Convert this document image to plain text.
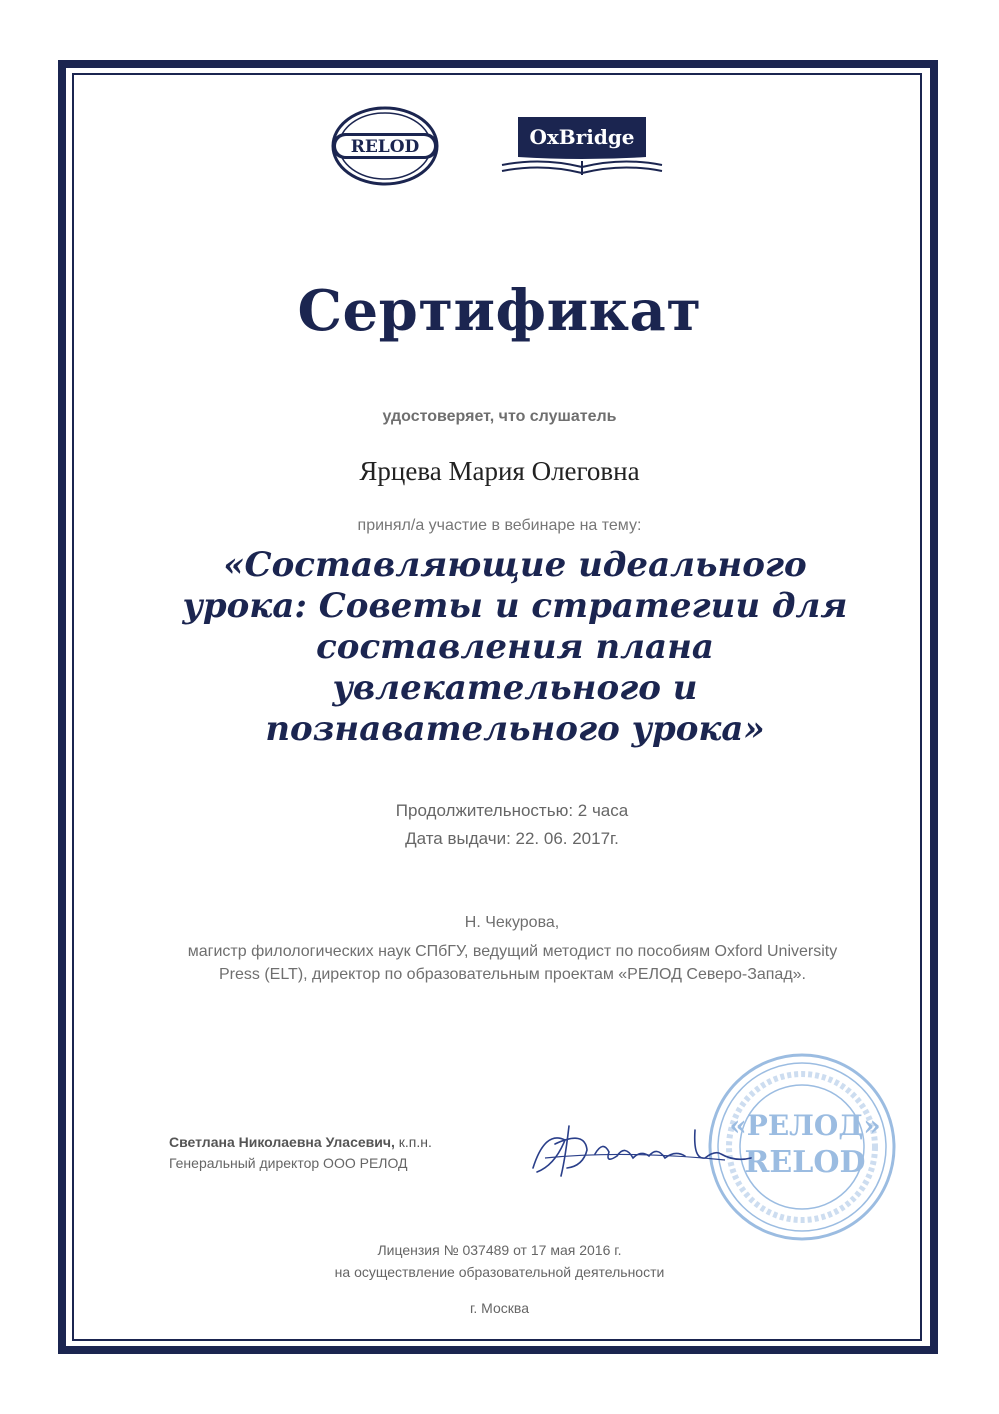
RELOD	OxBridge
Сертификат
удостоверяет, что слушатель
Ярцева Мария Олеговна
принял/а участие в вебинаре на тему:
«Составляющие идеального
урока: Советы и стратегии для
составления плана
увлекательного и
познавательного урока»
Продолжительностью: 2 часа
Дата выдачи: 22. 06. 2017г.
Н. Чекурова,
магистр филологических наук СПбГУ, ведущий методист по пособиям Oxford University Press (ELT), директор по образовательным проектам «РЕЛОД Северо-Запад».
Светлана Николаевна Уласевич, к.п.н.
Генеральный директор ООО РЕЛОД
«РЕЛОД»
RELOD
Лицензия № 037489 от 17 мая 2016 г.
на осуществление образовательной деятельности
г. Москва
